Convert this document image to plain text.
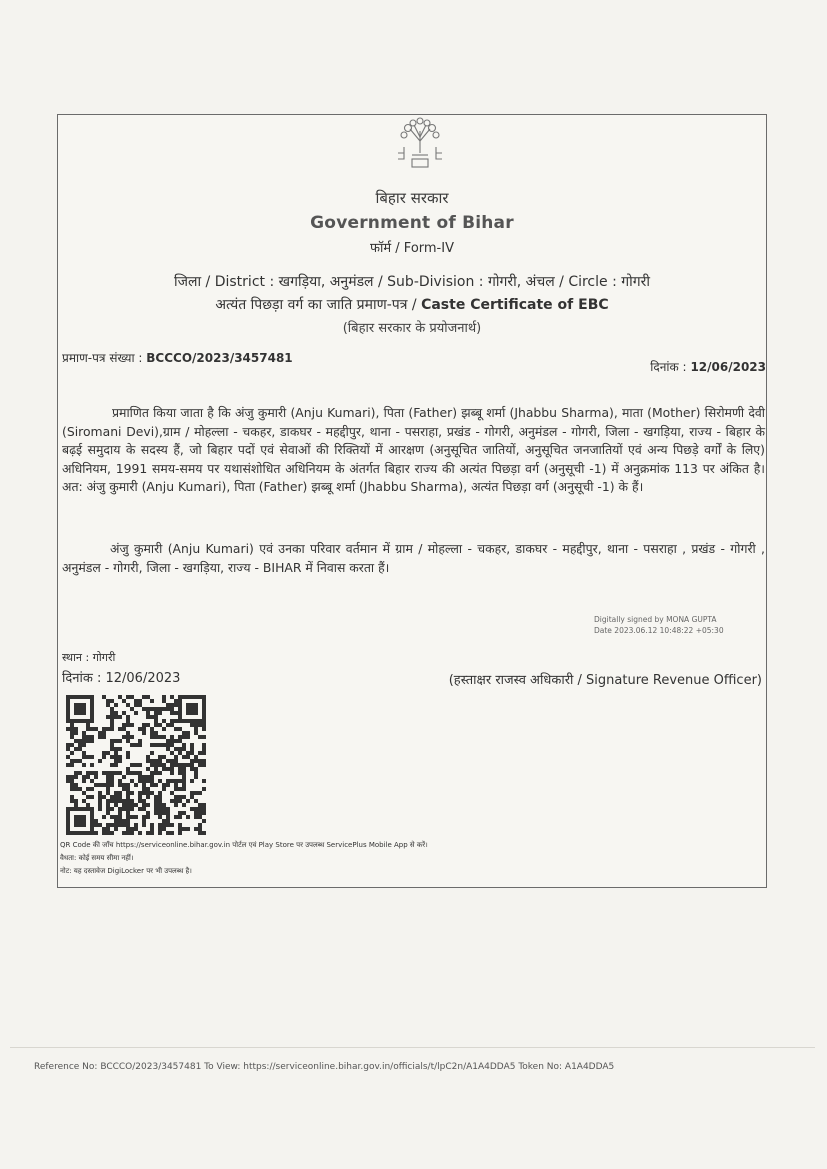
बिहार सरकार
Government of Bihar
फॉर्म / Form-IV
जिला / District : खगड़िया, अनुमंडल / Sub-Division : गोगरी, अंचल / Circle : गोगरी
अत्यंत पिछड़ा वर्ग का जाति प्रमाण-पत्र / Caste Certificate of EBC
(बिहार सरकार के प्रयोजनार्थ)
प्रमाण-पत्र संख्या : BCCCO/2023/3457481
दिनांक : 12/06/2023

प्रमाणित किया जाता है कि अंजु कुमारी (Anju Kumari), पिता (Father) झब्बू शर्मा (Jhabbu Sharma), माता (Mother) सिरोमणी देवी (Siromani Devi),ग्राम / मोहल्ला - चकहर, डाकघर - महद्दीपुर, थाना - पसराहा, प्रखंड - गोगरी, अनुमंडल - गोगरी, जिला - खगड़िया, राज्य - बिहार के बढ़ई समुदाय के सदस्य हैं, जो बिहार पदों एवं सेवाओं की रिक्तियों में आरक्षण (अनुसूचित जातियों, अनुसूचित जनजातियों एवं अन्य पिछड़े वर्गों के लिए) अधिनियम, 1991 समय-समय पर यथासंशोधित अधिनियम के अंतर्गत बिहार राज्य की अत्यंत पिछड़ा वर्ग (अनुसूची -1) में अनुक्रमांक 113 पर अंकित है। अत: अंजु कुमारी (Anju Kumari), पिता (Father) झब्बू शर्मा (Jhabbu Sharma), अत्यंत पिछड़ा वर्ग (अनुसूची -1) के हैं।

अंजु कुमारी (Anju Kumari) एवं उनका परिवार वर्तमान में ग्राम / मोहल्ला - चकहर, डाकघर - महद्दीपुर, थाना - पसराहा , प्रखंड - गोगरी , अनुमंडल - गोगरी, जिला - खगड़िया, राज्य - BIHAR में निवास करता हैं।

Digitally signed by MONA GUPTA
Date 2023.06.12 10:48:22 +05:30
स्थान : गोगरी
दिनांक : 12/06/2023	(हस्ताक्षर राजस्व अधिकारी / Signature Revenue Officer)
QR Code की जाँच https://serviceonline.bihar.gov.in पोर्टल एवं Play Store पर उपलब्ध ServicePlus Mobile App से करें।
वैधता: कोई समय सीमा नहीं।
नोट: यह दस्तावेज DigiLocker पर भी उपलब्ध है।
Reference No: BCCCO/2023/3457481 To View: https://serviceonline.bihar.gov.in/officials/t/lpC2n/A1A4DDA5 Token No: A1A4DDA5
